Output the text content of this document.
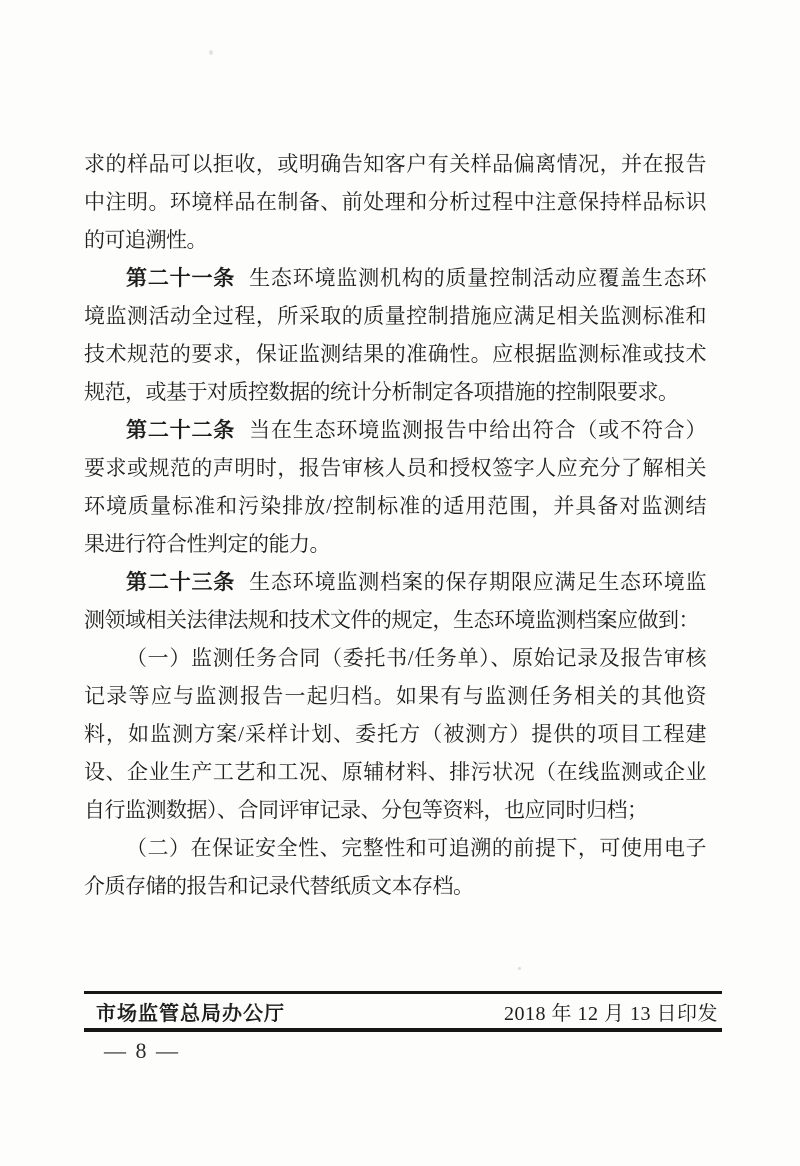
求的样品可以拒收，或明确告知客户有关样品偏离情况，并在报告
中注明。环境样品在制备、前处理和分析过程中注意保持样品标识
的可追溯性。
第二十一条 生态环境监测机构的质量控制活动应覆盖生态环
境监测活动全过程，所采取的质量控制措施应满足相关监测标准和
技术规范的要求，保证监测结果的准确性。应根据监测标准或技术
规范，或基于对质控数据的统计分析制定各项措施的控制限要求。
第二十二条 当在生态环境监测报告中给出符合（或不符合）
要求或规范的声明时，报告审核人员和授权签字人应充分了解相关
环境质量标准和污染排放/控制标准的适用范围，并具备对监测结
果进行符合性判定的能力。
第二十三条 生态环境监测档案的保存期限应满足生态环境监
测领域相关法律法规和技术文件的规定，生态环境监测档案应做到：
（一）监测任务合同（委托书/任务单）、原始记录及报告审核
记录等应与监测报告一起归档。如果有与监测任务相关的其他资
料，如监测方案/采样计划、委托方（被测方）提供的项目工程建
设、企业生产工艺和工况、原辅材料、排污状况（在线监测或企业
自行监测数据）、合同评审记录、分包等资料，也应同时归档；
（二）在保证安全性、完整性和可追溯的前提下，可使用电子
介质存储的报告和记录代替纸质文本存档。
市场监管总局办公厅	2018 年 12 月 13 日印发
— 8 —
